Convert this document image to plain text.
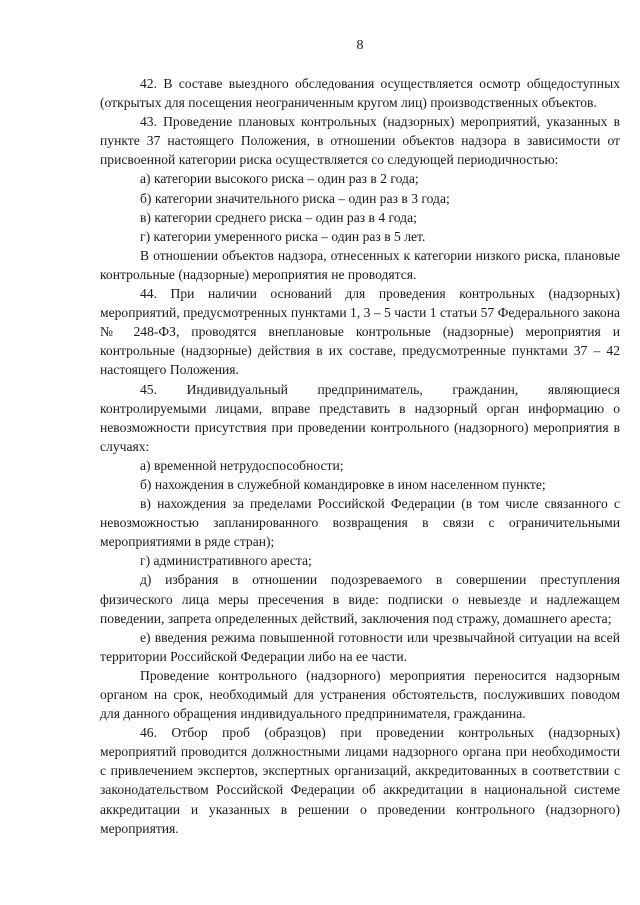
8

42. В составе выездного обследования осуществляется осмотр общедоступных (открытых для посещения неограниченным кругом лиц) производственных объектов.

43. Проведение плановых контрольных (надзорных) мероприятий, указанных в пункте 37 настоящего Положения, в отношении объектов надзора в зависимости от присвоенной категории риска осуществляется со следующей периодичностью:

а) категории высокого риска – один раз в 2 года;

б) категории значительного риска – один раз в 3 года;

в) категории среднего риска – один раз в 4 года;

г) категории умеренного риска – один раз в 5 лет.

В отношении объектов надзора, отнесенных к категории низкого риска, плановые контрольные (надзорные) мероприятия не проводятся.

44. При наличии оснований для проведения контрольных (надзорных) мероприятий, предусмотренных пунктами 1, 3 – 5 части 1 статьи 57 Федерального закона № 248-ФЗ, проводятся внеплановые контрольные (надзорные) мероприятия и контрольные (надзорные) действия в их составе, предусмотренные пунктами 37 – 42 настоящего Положения.

45. Индивидуальный предприниматель, гражданин, являющиеся контролируемыми лицами, вправе представить в надзорный орган информацию о невозможности присутствия при проведении контрольного (надзорного) мероприятия в случаях:

а) временной нетрудоспособности;

б) нахождения в служебной командировке в ином населенном пункте;

в) нахождения за пределами Российской Федерации (в том числе связанного с невозможностью запланированного возвращения в связи с ограничительными мероприятиями в ряде стран);

г) административного ареста;

д) избрания в отношении подозреваемого в совершении преступления физического лица меры пресечения в виде: подписки о невыезде и надлежащем поведении, запрета определенных действий, заключения под стражу, домашнего ареста;

е) введения режима повышенной готовности или чрезвычайной ситуации на всей территории Российской Федерации либо на ее части.

Проведение контрольного (надзорного) мероприятия переносится надзорным органом на срок, необходимый для устранения обстоятельств, послуживших поводом для данного обращения индивидуального предпринимателя, гражданина.

46. Отбор проб (образцов) при проведении контрольных (надзорных) мероприятий проводится должностными лицами надзорного органа при необходимости с привлечением экспертов, экспертных организаций, аккредитованных в соответствии с законодательством Российской Федерации об аккредитации в национальной системе аккредитации и указанных в решении о проведении контрольного (надзорного) мероприятия.
